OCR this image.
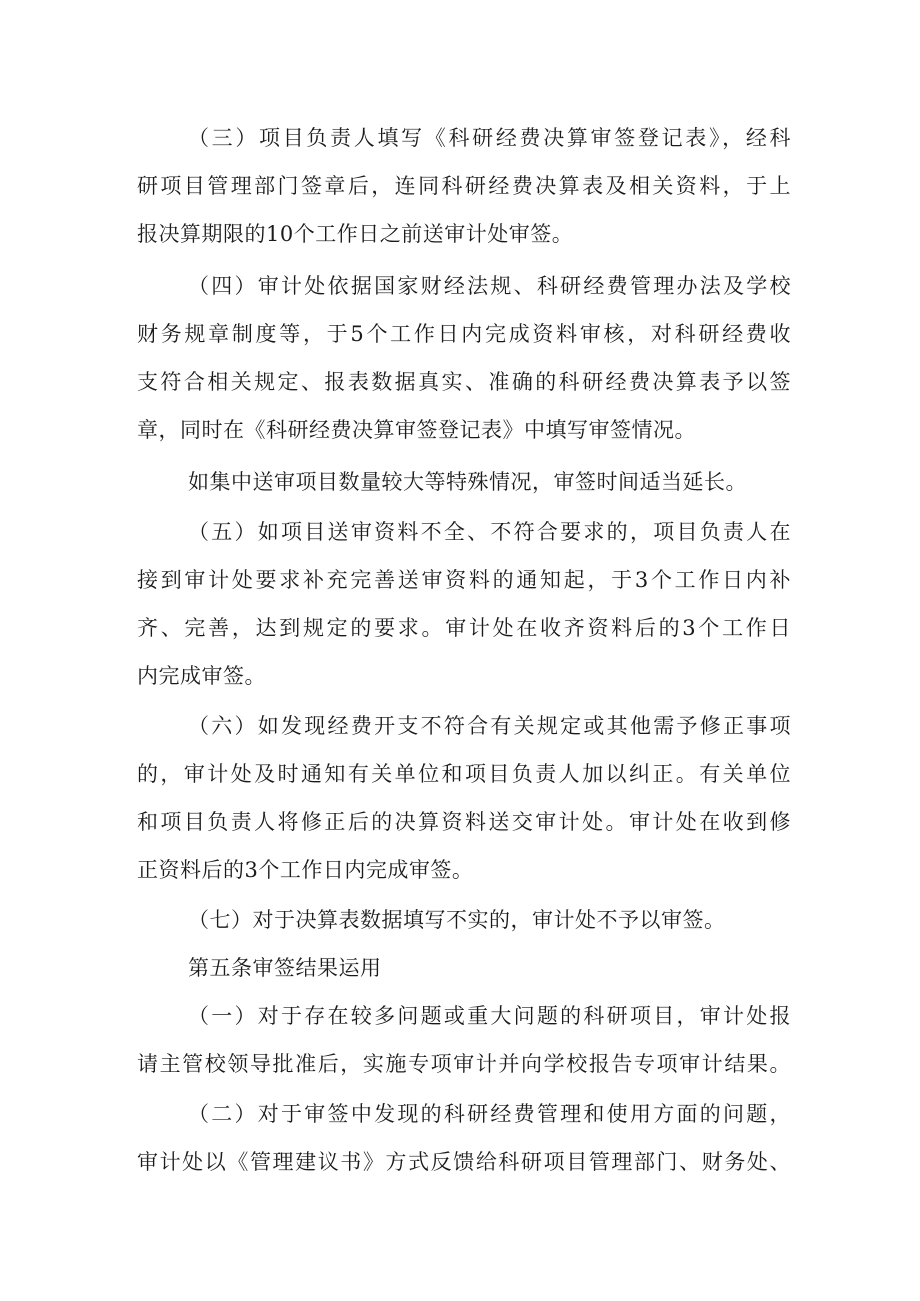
（三）项目负责人填写《科研经费决算审签登记表》，经科
研项目管理部门签章后，连同科研经费决算表及相关资料，于上
报决算期限的10个工作日之前送审计处审签。
（四）审计处依据国家财经法规、科研经费管理办法及学校
财务规章制度等，于5个工作日内完成资料审核，对科研经费收
支符合相关规定、报表数据真实、准确的科研经费决算表予以签
章，同时在《科研经费决算审签登记表》中填写审签情况。
如集中送审项目数量较大等特殊情况，审签时间适当延长。
（五）如项目送审资料不全、不符合要求的，项目负责人在
接到审计处要求补充完善送审资料的通知起，于3个工作日内补
齐、完善，达到规定的要求。审计处在收齐资料后的3个工作日
内完成审签。
（六）如发现经费开支不符合有关规定或其他需予修正事项
的，审计处及时通知有关单位和项目负责人加以纠正。有关单位
和项目负责人将修正后的决算资料送交审计处。审计处在收到修
正资料后的3个工作日内完成审签。
（七）对于决算表数据填写不实的，审计处不予以审签。
第五条审签结果运用
（一）对于存在较多问题或重大问题的科研项目，审计处报
请主管校领导批准后，实施专项审计并向学校报告专项审计结果。
（二）对于审签中发现的科研经费管理和使用方面的问题，
审计处以《管理建议书》方式反馈给科研项目管理部门、财务处、
